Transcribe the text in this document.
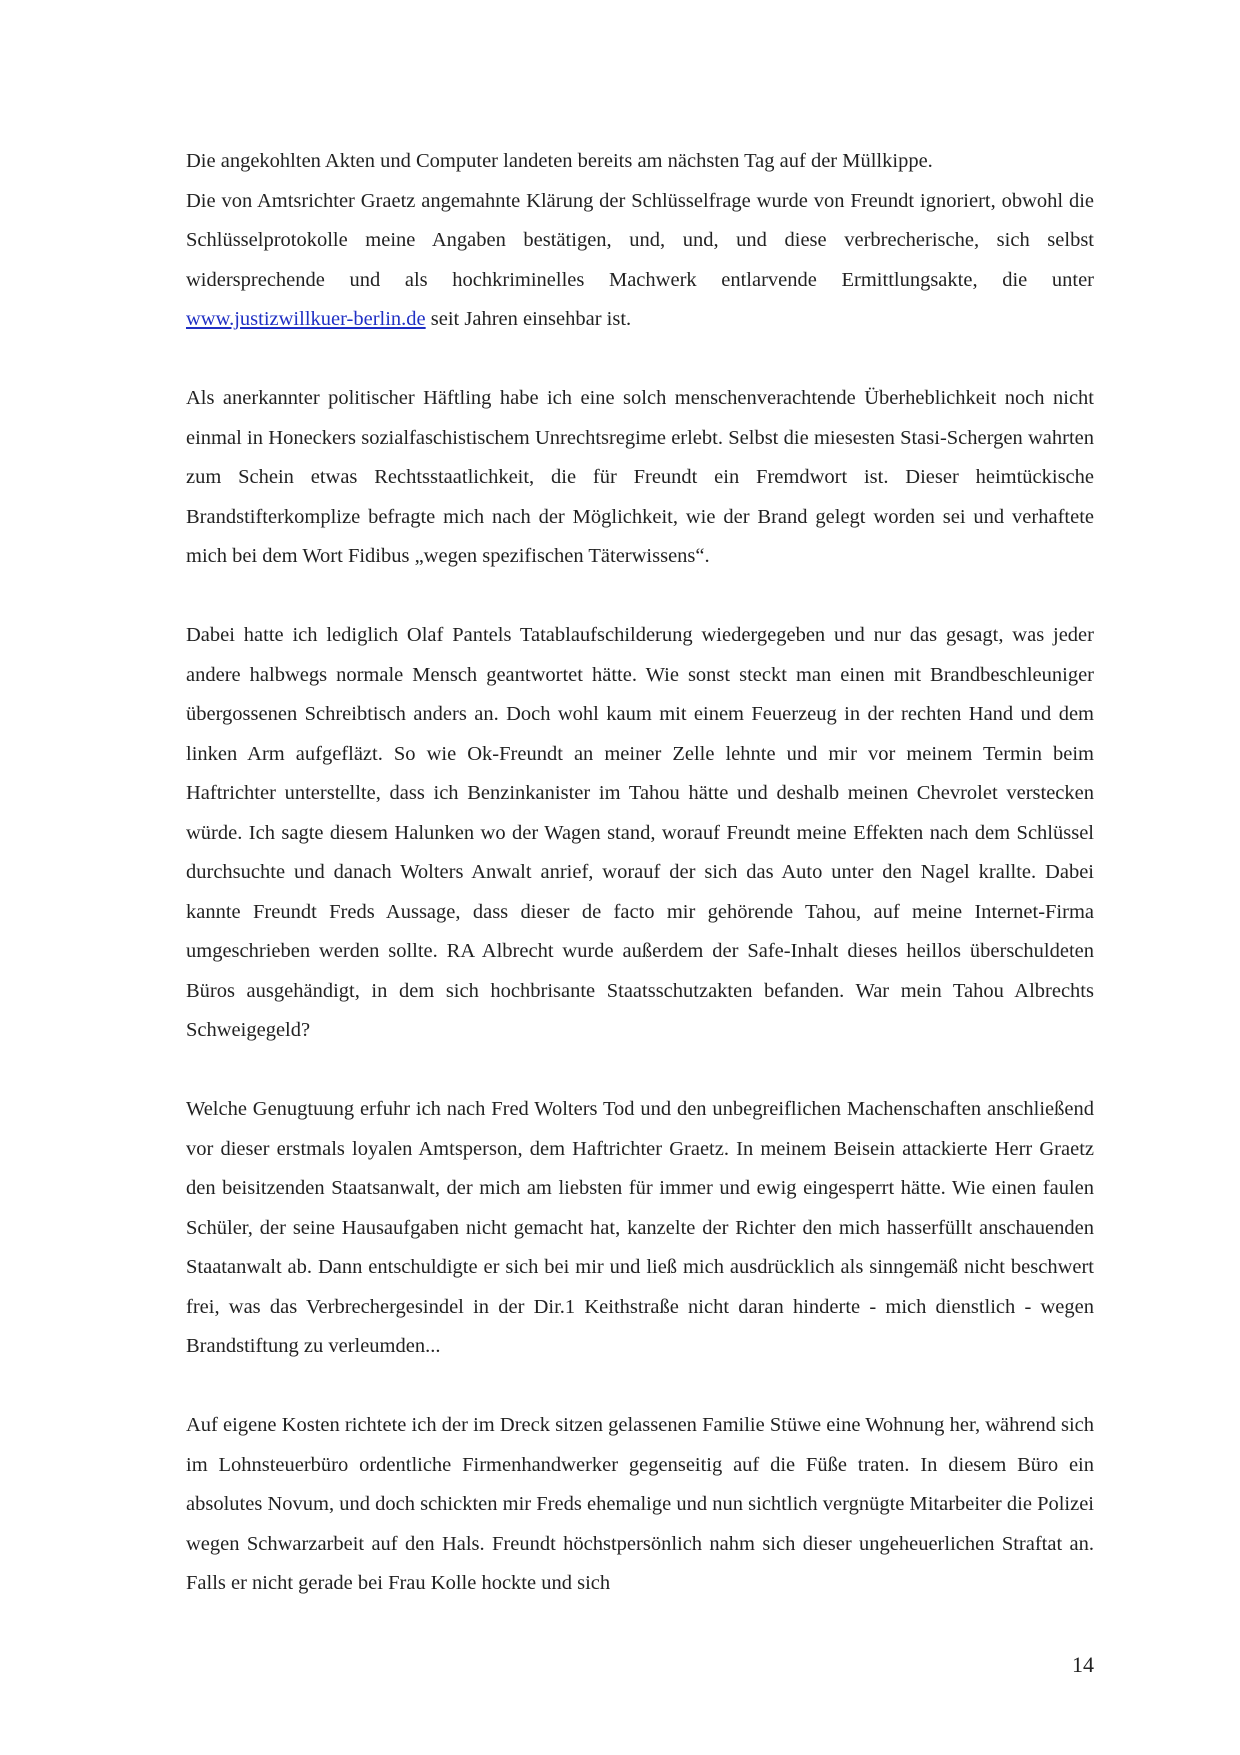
Die angekohlten Akten und Computer landeten bereits am nächsten Tag auf der Müllkippe.

Die von Amtsrichter Graetz angemahnte Klärung der Schlüsselfrage wurde von Freundt ignoriert, obwohl die Schlüsselprotokolle meine Angaben bestätigen, und, und, und diese verbrecherische, sich selbst widersprechende und als hochkriminelles Machwerk entlarvende Ermittlungsakte, die unter www.justizwillkuer-berlin.de seit Jahren einsehbar ist.

Als anerkannter politischer Häftling habe ich eine solch menschenverachtende Überheblichkeit noch nicht einmal in Honeckers sozialfaschistischem Unrechtsregime erlebt. Selbst die miesesten Stasi-Schergen wahrten zum Schein etwas Rechtsstaatlichkeit, die für Freundt ein Fremdwort ist. Dieser heimtückische Brandstifterkomplize befragte mich nach der Möglichkeit, wie der Brand gelegt worden sei und verhaftete mich bei dem Wort Fidibus „wegen spezifischen Täterwissens“.

Dabei hatte ich lediglich Olaf Pantels Tatablaufschilderung wiedergegeben und nur das gesagt, was jeder andere halbwegs normale Mensch geantwortet hätte. Wie sonst steckt man einen mit Brandbeschleuniger übergossenen Schreibtisch anders an. Doch wohl kaum mit einem Feuerzeug in der rechten Hand und dem linken Arm aufgefläzt. So wie Ok-Freundt an meiner Zelle lehnte und mir vor meinem Termin beim Haftrichter unterstellte, dass ich Benzinkanister im Tahou hätte und deshalb meinen Chevrolet verstecken würde. Ich sagte diesem Halunken wo der Wagen stand, worauf Freundt meine Effekten nach dem Schlüssel durchsuchte und danach Wolters Anwalt anrief, worauf der sich das Auto unter den Nagel krallte. Dabei kannte Freundt Freds Aussage, dass dieser de facto mir gehörende Tahou, auf meine Internet-Firma umgeschrieben werden sollte. RA Albrecht wurde außerdem der Safe-Inhalt dieses heillos überschuldeten Büros ausgehändigt, in dem sich hochbrisante Staatsschutzakten befanden. War mein Tahou Albrechts Schweigegeld?

Welche Genugtuung erfuhr ich nach Fred Wolters Tod und den unbegreiflichen Machenschaften anschließend vor dieser erstmals loyalen Amtsperson, dem Haftrichter Graetz. In meinem Beisein attackierte Herr Graetz den beisitzenden Staatsanwalt, der mich am liebsten für immer und ewig eingesperrt hätte. Wie einen faulen Schüler, der seine Hausaufgaben nicht gemacht hat, kanzelte der Richter den mich hasserfüllt anschauenden Staatanwalt ab. Dann entschuldigte er sich bei mir und ließ mich ausdrücklich als sinngemäß nicht beschwert frei, was das Verbrechergesindel in der Dir.1 Keithstraße nicht daran hinderte - mich dienstlich - wegen Brandstiftung zu verleumden...

Auf eigene Kosten richtete ich der im Dreck sitzen gelassenen Familie Stüwe eine Wohnung her, während sich im Lohnsteuerbüro ordentliche Firmenhandwerker gegenseitig auf die Füße traten. In diesem Büro ein absolutes Novum, und doch schickten mir Freds ehemalige und nun sichtlich vergnügte Mitarbeiter die Polizei wegen Schwarzarbeit auf den Hals. Freundt höchstpersönlich nahm sich dieser ungeheuerlichen Straftat an. Falls er nicht gerade bei Frau Kolle hockte und sich

14
